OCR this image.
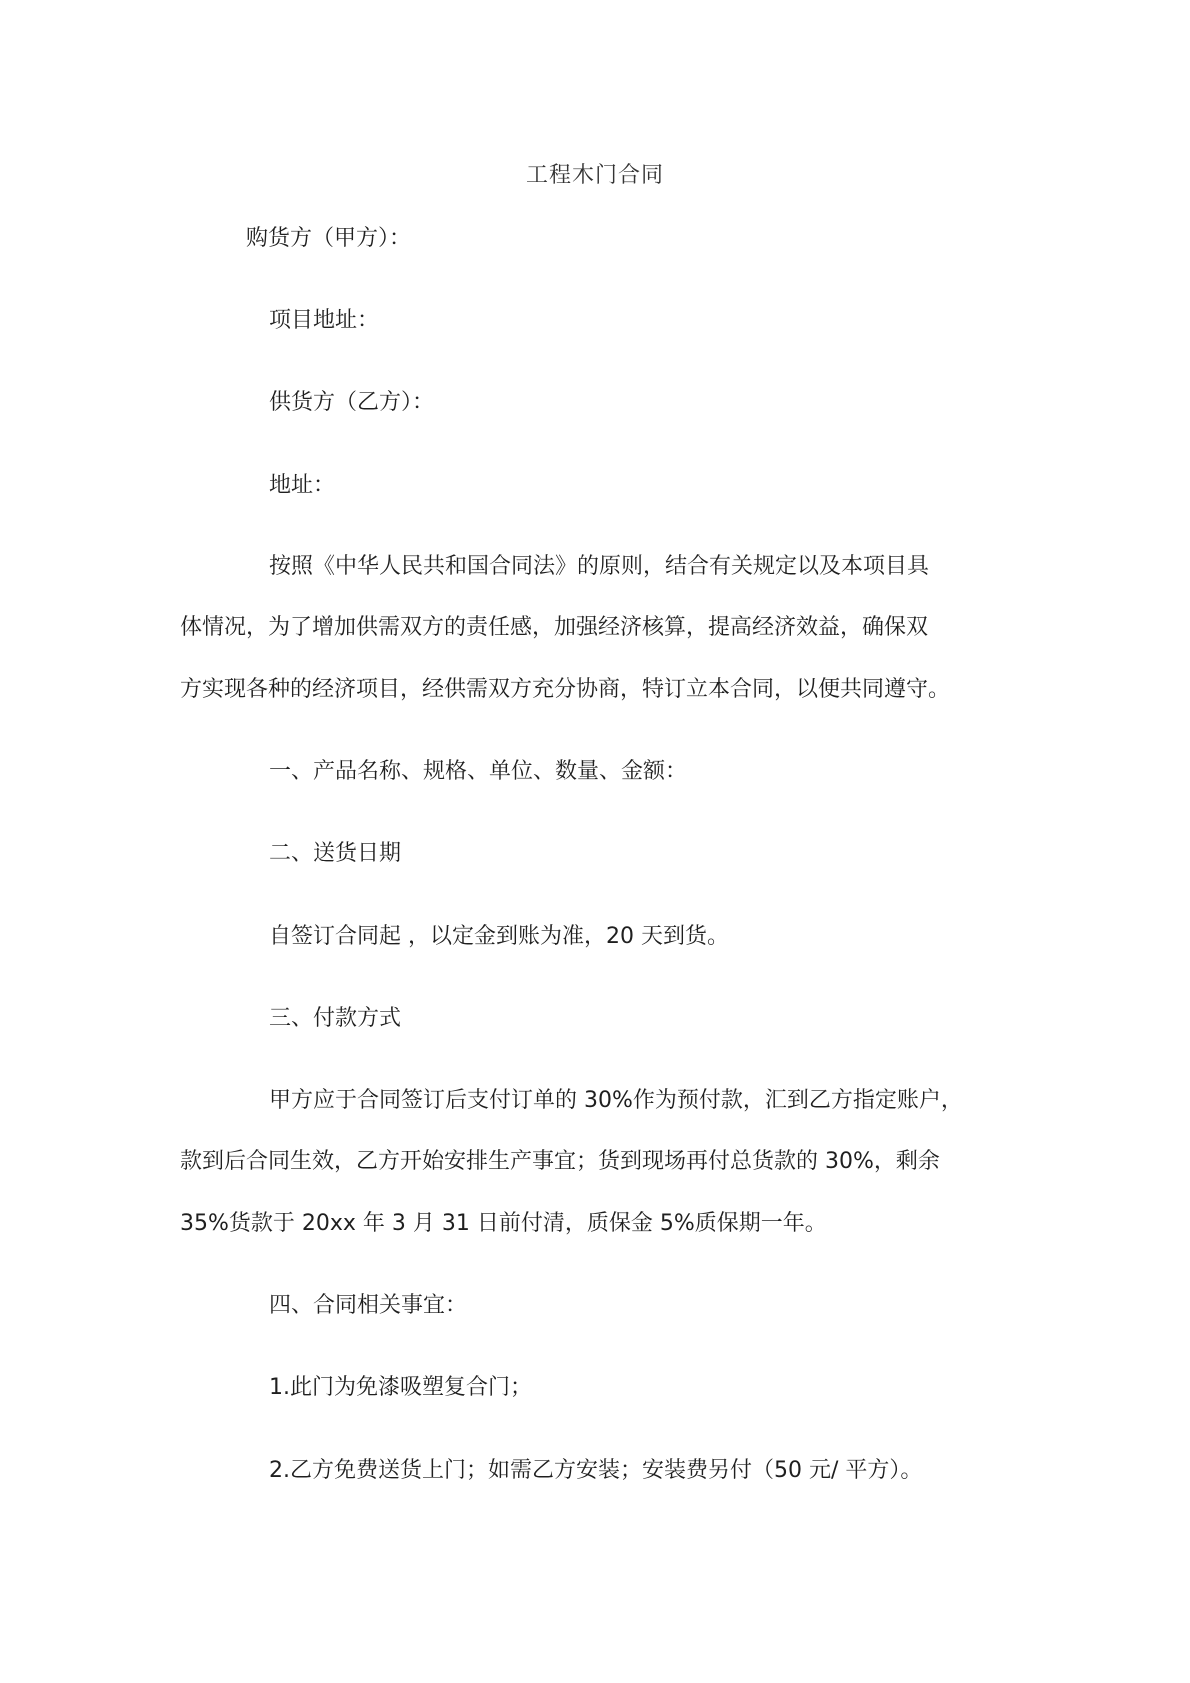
工程木门合同
购货方（甲方）：
项目地址：
供货方（乙方）：
地址：
按照《中华人民共和国合同法》的原则，结合有关规定以及本项目具
体情况，为了增加供需双方的责任感，加强经济核算，提高经济效益，确保双
方实现各种的经济项目，经供需双方充分协商，特订立本合同，以便共同遵守。
一、产品名称、规格、单位、数量、金额：
二、送货日期
自签订合同起 ，以定金到账为准，20 天到货。
三、付款方式
甲方应于合同签订后支付订单的 30%作为预付款，汇到乙方指定账户，
款到后合同生效，乙方开始安排生产事宜；货到现场再付总货款的 30%，剩余
35%货款于 20xx 年 3 月 31 日前付清，质保金 5%质保期一年。
四、合同相关事宜：
1.此门为免漆吸塑复合门；
2.乙方免费送货上门；如需乙方安装；安装费另付（50 元/ 平方）。
